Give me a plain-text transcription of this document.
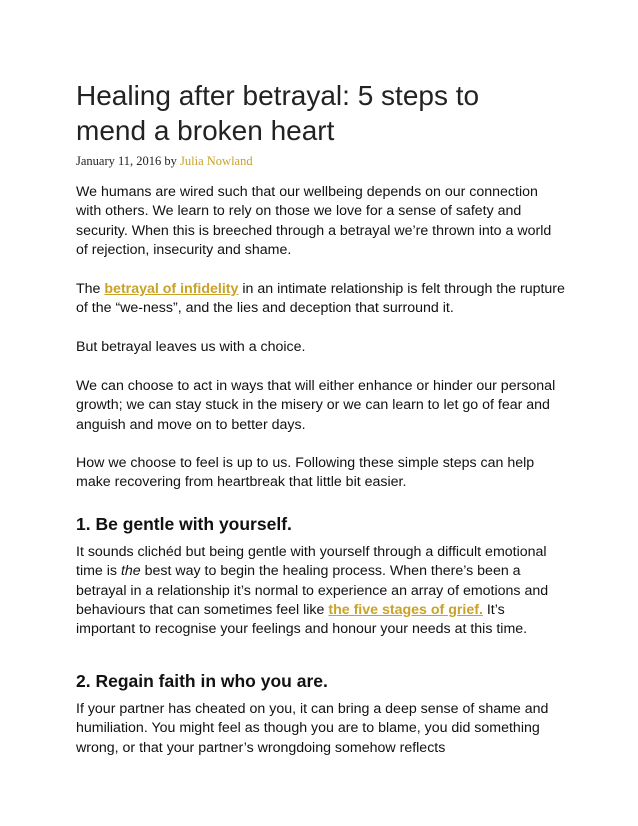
Healing after betrayal: 5 steps to mend a broken heart

January 11, 2016 by Julia Nowland

We humans are wired such that our wellbeing depends on our connection with others. We learn to rely on those we love for a sense of safety and security. When this is breeched through a betrayal we’re thrown into a world of rejection, insecurity and shame.

The betrayal of infidelity in an intimate relationship is felt through the rupture of the “we-ness”, and the lies and deception that surround it.

But betrayal leaves us with a choice.

We can choose to act in ways that will either enhance or hinder our personal growth; we can stay stuck in the misery or we can learn to let go of fear and anguish and move on to better days.

How we choose to feel is up to us. Following these simple steps can help make recovering from heartbreak that little bit easier.

1. Be gentle with yourself.

It sounds clichéd but being gentle with yourself through a difficult emotional time is the best way to begin the healing process. When there’s been a betrayal in a relationship it’s normal to experience an array of emotions and behaviours that can sometimes feel like the five stages of grief. It’s important to recognise your feelings and honour your needs at this time.

2. Regain faith in who you are.

If your partner has cheated on you, it can bring a deep sense of shame and humiliation. You might feel as though you are to blame, you did something wrong, or that your partner’s wrongdoing somehow reflects
